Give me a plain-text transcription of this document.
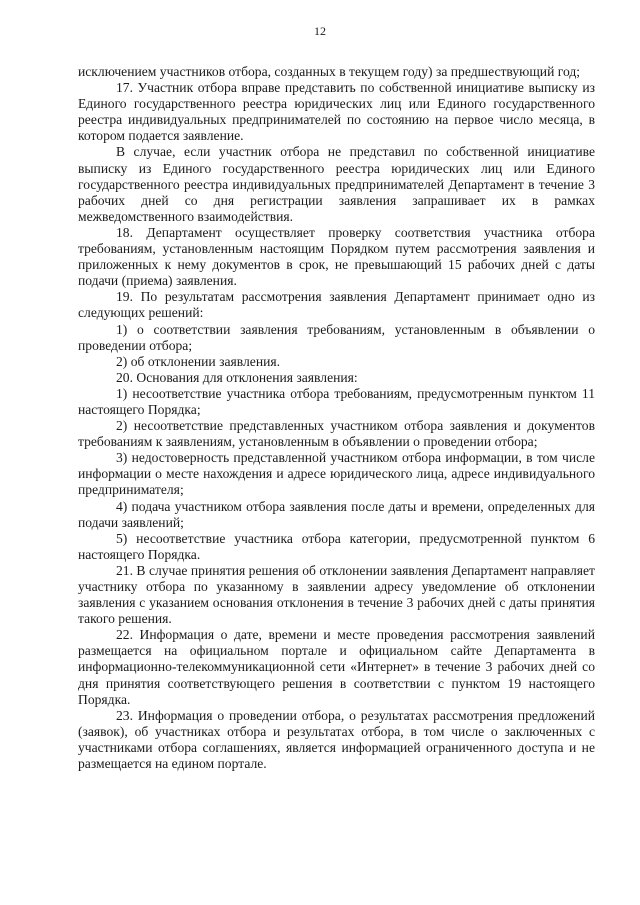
12

исключением участников отбора, созданных в текущем году) за предшествующий год;

17. Участник отбора вправе представить по собственной инициативе выписку из Единого государственного реестра юридических лиц или Единого государственного реестра индивидуальных предпринимателей по состоянию на первое число месяца, в котором подается заявление.

В случае, если участник отбора не представил по собственной инициативе выписку из Единого государственного реестра юридических лиц или Единого государственного реестра индивидуальных предпринимателей Департамент в течение 3 рабочих дней со дня регистрации заявления запрашивает их в рамках межведомственного взаимодействия.

18. Департамент осуществляет проверку соответствия участника отбора требованиям, установленным настоящим Порядком путем рассмотрения заявления и приложенных к нему документов в срок, не превышающий 15 рабочих дней с даты подачи (приема) заявления.

19. По результатам рассмотрения заявления Департамент принимает одно из следующих решений:

1) о соответствии заявления требованиям, установленным в объявлении о проведении отбора;

2) об отклонении заявления.

20. Основания для отклонения заявления:

1) несоответствие участника отбора требованиям, предусмотренным пунктом 11 настоящего Порядка;

2) несоответствие представленных участником отбора заявления и документов требованиям к заявлениям, установленным в объявлении о проведении отбора;

3) недостоверность представленной участником отбора информации, в том числе информации о месте нахождения и адресе юридического лица, адресе индивидуального предпринимателя;

4) подача участником отбора заявления после даты и времени, определенных для подачи заявлений;

5) несоответствие участника отбора категории, предусмотренной пунктом 6 настоящего Порядка.

21. В случае принятия решения об отклонении заявления Департамент направляет участнику отбора по указанному в заявлении адресу уведомление об отклонении заявления с указанием основания отклонения в течение 3 рабочих дней с даты принятия такого решения.

22. Информация о дате, времени и месте проведения рассмотрения заявлений размещается на официальном портале и официальном сайте Департамента в информационно-телекоммуникационной сети «Интернет» в течение 3 рабочих дней со дня принятия соответствующего решения в соответствии с пунктом 19 настоящего Порядка.

23. Информация о проведении отбора, о результатах рассмотрения предложений (заявок), об участниках отбора и результатах отбора, в том числе о заключенных с участниками отбора соглашениях, является информацией ограниченного доступа и не размещается на едином портале.
